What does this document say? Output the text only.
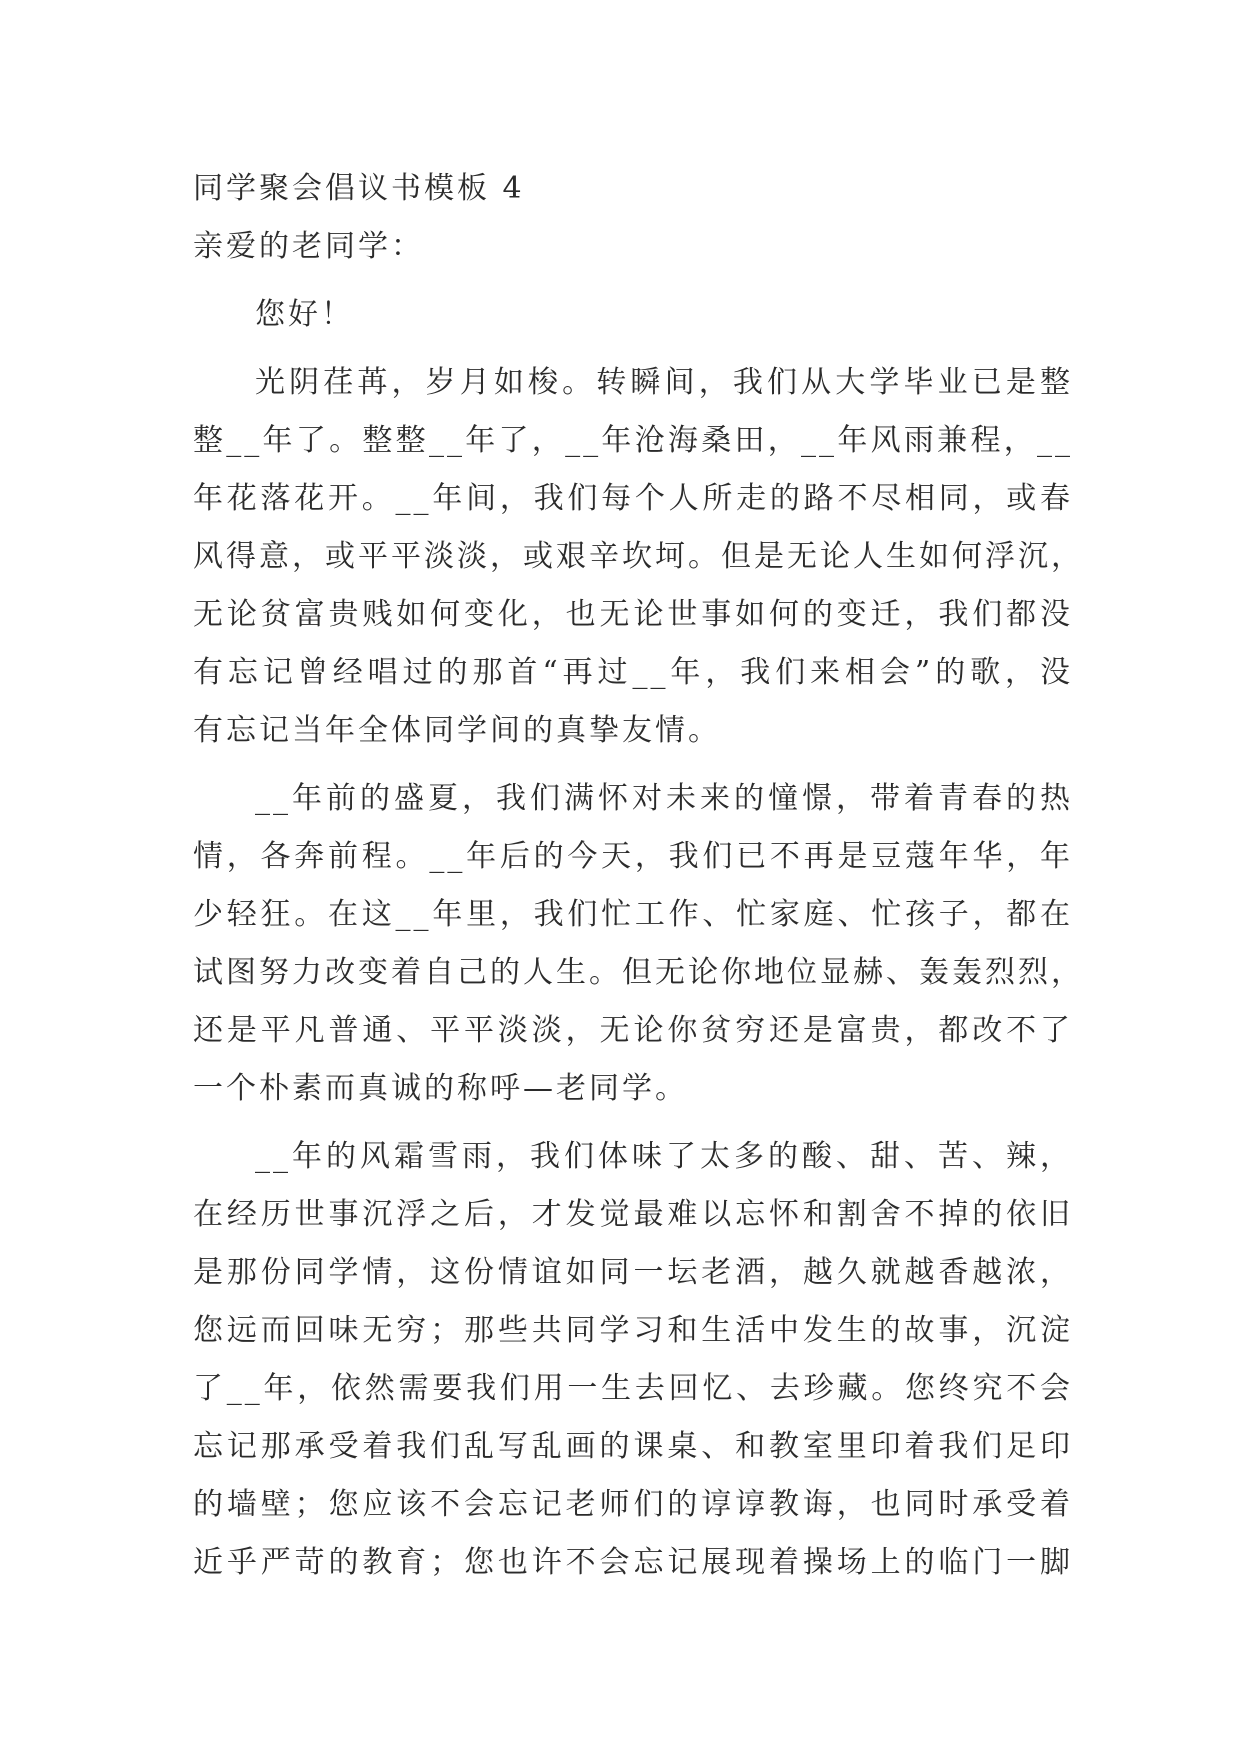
同学聚会倡议书模板 4

亲爱的老同学：

您好！

光阴荏苒，岁月如梭。转瞬间，我们从大学毕业已是整
整__年了。整整__年了，__年沧海桑田，__年风雨兼程，__
年花落花开。__年间，我们每个人所走的路不尽相同，或春
风得意，或平平淡淡，或艰辛坎坷。但是无论人生如何浮沉，
无论贫富贵贱如何变化，也无论世事如何的变迁，我们都没
有忘记曾经唱过的那首“再过__年，我们来相会”的歌，没
有忘记当年全体同学间的真挚友情。
__年前的盛夏，我们满怀对未来的憧憬，带着青春的热
情，各奔前程。__年后的今天，我们已不再是豆蔻年华，年
少轻狂。在这__年里，我们忙工作、忙家庭、忙孩子，都在
试图努力改变着自己的人生。但无论你地位显赫、轰轰烈烈，
还是平凡普通、平平淡淡，无论你贫穷还是富贵，都改不了
一个朴素而真诚的称呼—老同学。
__年的风霜雪雨，我们体味了太多的酸、甜、苦、辣，
在经历世事沉浮之后，才发觉最难以忘怀和割舍不掉的依旧
是那份同学情，这份情谊如同一坛老酒，越久就越香越浓，
您远而回味无穷；那些共同学习和生活中发生的故事，沉淀
了__年，依然需要我们用一生去回忆、去珍藏。您终究不会
忘记那承受着我们乱写乱画的课桌、和教室里印着我们足印
的墙壁；您应该不会忘记老师们的谆谆教诲，也同时承受着
近乎严苛的教育；您也许不会忘记展现着操场上的临门一脚
